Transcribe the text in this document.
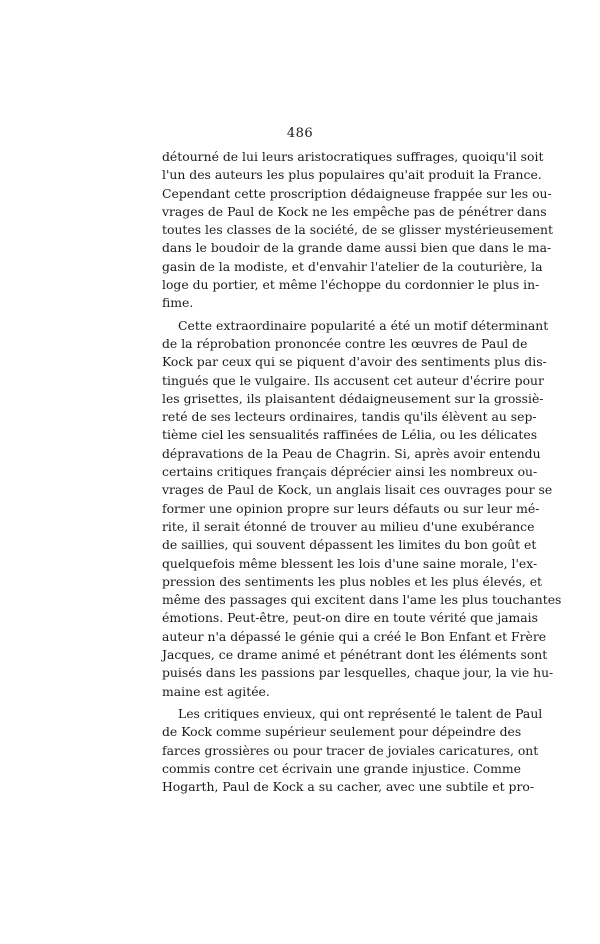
486
détourné de lui leurs aristocratiques suffrages, quoiqu'il soit
l'un des auteurs les plus populaires qu'ait produit la France.
Cependant cette proscription dédaigneuse frappée sur les ou-
vrages de Paul de Kock ne les empêche pas de pénétrer dans
toutes les classes de la société, de se glisser mystérieusement
dans le boudoir de la grande dame aussi bien que dans le ma-
gasin de la modiste, et d'envahir l'atelier de la couturière, la
loge du portier, et même l'échoppe du cordonnier le plus in-
fime.
Cette extraordinaire popularité a été un motif déterminant
de la réprobation prononcée contre les œuvres de Paul de
Kock par ceux qui se piquent d'avoir des sentiments plus dis-
tingués que le vulgaire. Ils accusent cet auteur d'écrire pour
les grisettes, ils plaisantent dédaigneusement sur la grossiè-
reté de ses lecteurs ordinaires, tandis qu'ils élèvent au sep-
tième ciel les sensualités raffinées de Lélia, ou les délicates
dépravations de la Peau de Chagrin. Si, après avoir entendu
certains critiques français déprécier ainsi les nombreux ou-
vrages de Paul de Kock, un anglais lisait ces ouvrages pour se
former une opinion propre sur leurs défauts ou sur leur mé-
rite, il serait étonné de trouver au milieu d'une exubérance
de saillies, qui souvent dépassent les limites du bon goût et
quelquefois même blessent les lois d'une saine morale, l'ex-
pression des sentiments les plus nobles et les plus élevés, et
même des passages qui excitent dans l'ame les plus touchantes
émotions. Peut-être, peut-on dire en toute vérité que jamais
auteur n'a dépassé le génie qui a créé le Bon Enfant et Frère
Jacques, ce drame animé et pénétrant dont les éléments sont
puisés dans les passions par lesquelles, chaque jour, la vie hu-
maine est agitée.
Les critiques envieux, qui ont représenté le talent de Paul
de Kock comme supérieur seulement pour dépeindre des
farces grossières ou pour tracer de joviales caricatures, ont
commis contre cet écrivain une grande injustice. Comme
Hogarth, Paul de Kock a su cacher, avec une subtile et pro-
